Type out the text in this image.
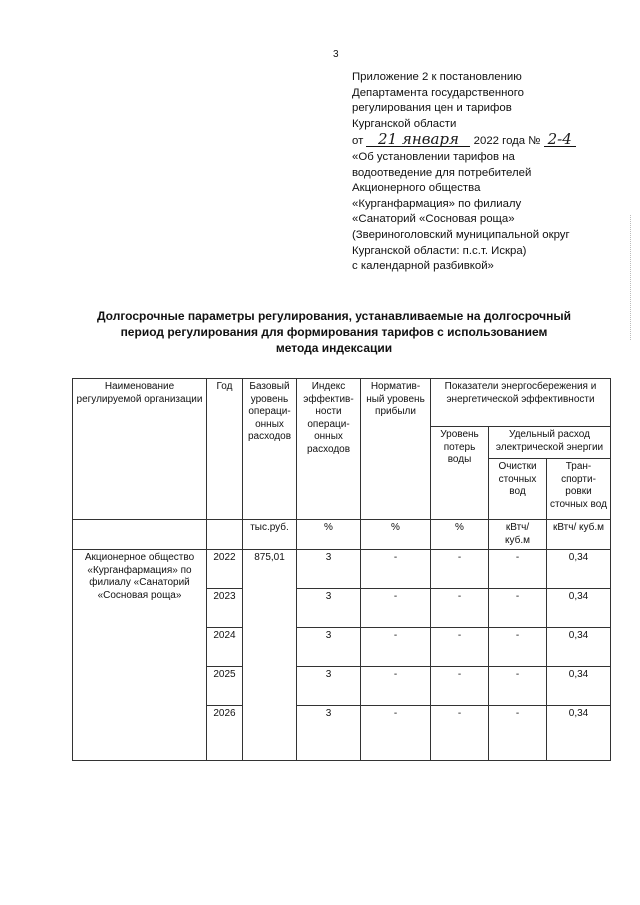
3
Приложение 2 к постановлению
Департамента государственного
регулирования цен и тарифов
Курганской области
от 21 января 2022 года № 2-4
«Об установлении тарифов на
водоотведение для потребителей
Акционерного общества
«Курганфармация» по филиалу
«Санаторий «Сосновая роща»
(Звериноголовский муниципальной округ
Курганской области: п.с.т. Искра)
с календарной разбивкой»
Долгосрочные параметры регулирования, устанавливаемые на долгосрочный
период регулирования для формирования тарифов с использованием
метода индексации
Наименование регулируемой организации	Год	Базовый уровень операци-онных расходов	Индекс эффектив-ности операци-онных расходов	Норматив-ный уровень прибыли	Показатели энергосбережения и энергетической эффективности		
					Уровень потерь воды	Удельный расход электрической энергии	
						Очистки сточных вод	Тран-спорти-ровки сточных вод
		тыс.руб.	%	%	%	кВтч/ куб.м	кВтч/ куб.м
Акционерное общество «Курганфармация» по филиалу «Санаторий «Сосновая роща»	2022	875,01	3	-	-	-	0,34
	2023		3	-	-	-	0,34
	2024		3	-	-	-	0,34
	2025		3	-	-	-	0,34
	2026		3	-	-	-	0,34
